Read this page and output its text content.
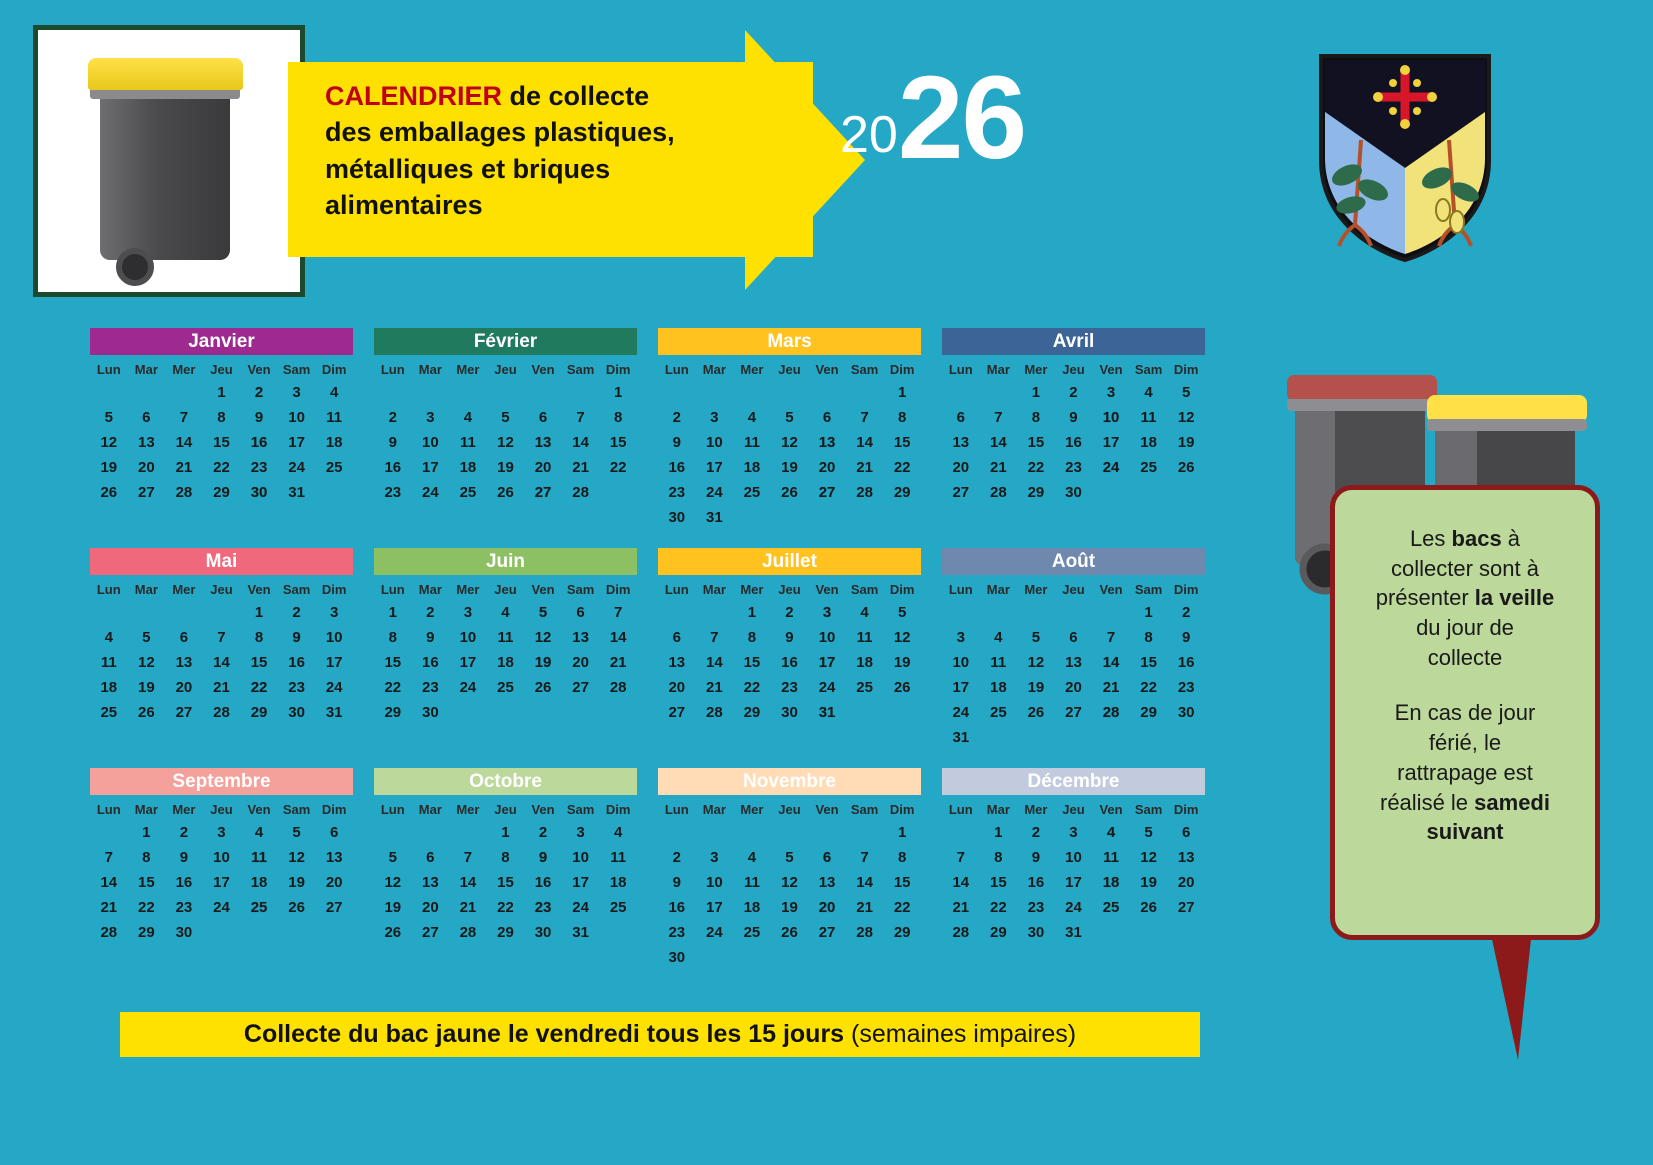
CALENDRIER de collecte
des emballages plastiques,
métalliques et briques
alimentaires
2026
Janvier
Lun	Mar	Mer	Jeu	Ven	Sam	Dim
			1	2	3	4
5	6	7	8	9	10	11
12	13	14	15	16	17	18
19	20	21	22	23	24	25
26	27	28	29	30	31	
Février
Lun	Mar	Mer	Jeu	Ven	Sam	Dim
						1
2	3	4	5	6	7	8
9	10	11	12	13	14	15
16	17	18	19	20	21	22
23	24	25	26	27	28	
Mars
Lun	Mar	Mer	Jeu	Ven	Sam	Dim
						1
2	3	4	5	6	7	8
9	10	11	12	13	14	15
16	17	18	19	20	21	22
23	24	25	26	27	28	29
30	31					
Avril
Lun	Mar	Mer	Jeu	Ven	Sam	Dim
		1	2	3	4	5
6	7	8	9	10	11	12
13	14	15	16	17	18	19
20	21	22	23	24	25	26
27	28	29	30			
Mai
Lun	Mar	Mer	Jeu	Ven	Sam	Dim
				1	2	3
4	5	6	7	8	9	10
11	12	13	14	15	16	17
18	19	20	21	22	23	24
25	26	27	28	29	30	31
Juin
Lun	Mar	Mer	Jeu	Ven	Sam	Dim
1	2	3	4	5	6	7
8	9	10	11	12	13	14
15	16	17	18	19	20	21
22	23	24	25	26	27	28
29	30					
Juillet
Lun	Mar	Mer	Jeu	Ven	Sam	Dim
		1	2	3	4	5
6	7	8	9	10	11	12
13	14	15	16	17	18	19
20	21	22	23	24	25	26
27	28	29	30	31		
Août
Lun	Mar	Mer	Jeu	Ven	Sam	Dim
					1	2
3	4	5	6	7	8	9
10	11	12	13	14	15	16
17	18	19	20	21	22	23
24	25	26	27	28	29	30
31						
Septembre
Lun	Mar	Mer	Jeu	Ven	Sam	Dim
	1	2	3	4	5	6
7	8	9	10	11	12	13
14	15	16	17	18	19	20
21	22	23	24	25	26	27
28	29	30				
Octobre
Lun	Mar	Mer	Jeu	Ven	Sam	Dim
			1	2	3	4
5	6	7	8	9	10	11
12	13	14	15	16	17	18
19	20	21	22	23	24	25
26	27	28	29	30	31	
Novembre
Lun	Mar	Mer	Jeu	Ven	Sam	Dim
						1
2	3	4	5	6	7	8
9	10	11	12	13	14	15
16	17	18	19	20	21	22
23	24	25	26	27	28	29
30						
Décembre
Lun	Mar	Mer	Jeu	Ven	Sam	Dim
	1	2	3	4	5	6
7	8	9	10	11	12	13
14	15	16	17	18	19	20
21	22	23	24	25	26	27
28	29	30	31			
Les bacs à
collecter sont à
présenter la veille
du jour de
collecte
En cas de jour
férié, le
rattrapage est
réalisé le samedi
suivant
Collecte du bac jaune le vendredi tous les 15 jours (semaines impaires)
